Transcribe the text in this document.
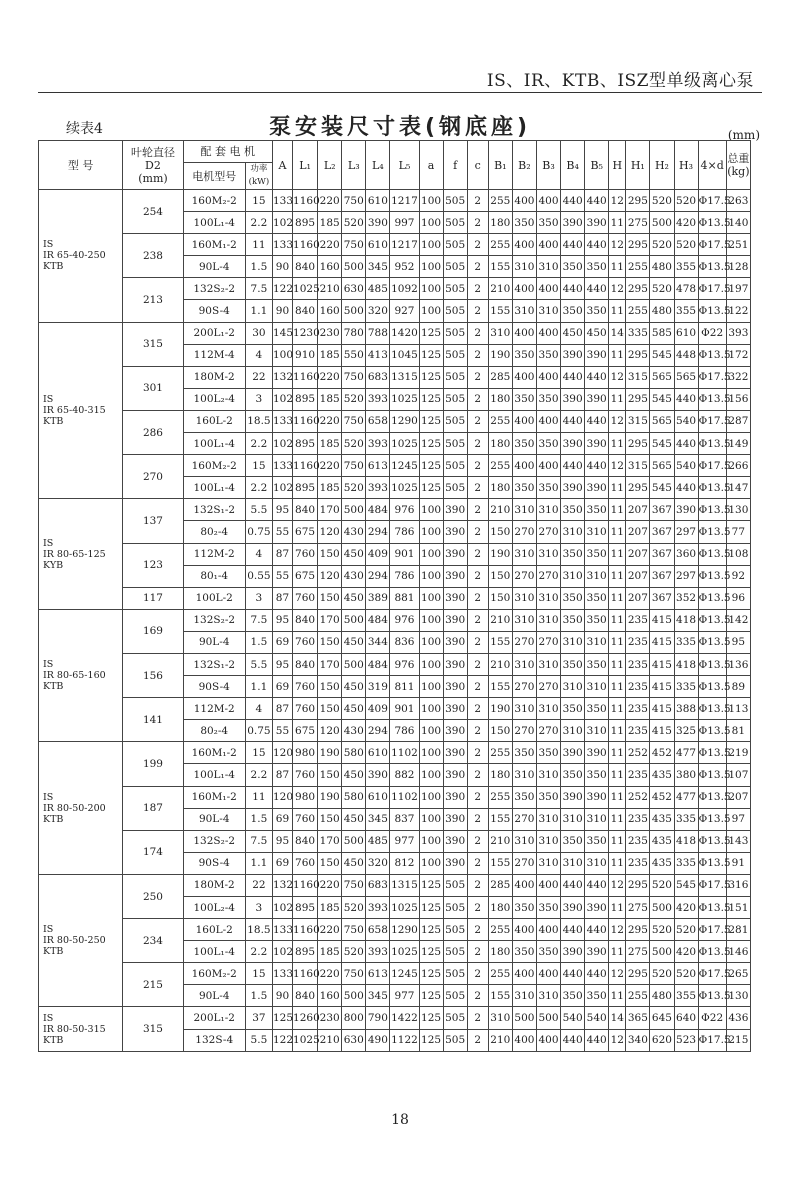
IS、IR、KTB、ISZ型单级离心泵
续表4	泵安装尺寸表(钢底座)	(mm)
型 号	叶轮直径
D2
(mm)	配 套 电 机		A	L₁	L₂	L₃	L₄	L₅	a	f	c	B₁	B₂	B₃	B₄	B₅	H	H₁	H₂	H₃	4×d	总重
(kg)
		电机型号	功率
(kW)																				

IS
IR 65-40-250
KTB	254	160M₂-2	15	133	1160	220	750	610	1217	100	505	2	255	400	400	440	440	12	295	520	520	Φ17.5	263
		100L₁-4	2.2	102	895	185	520	390	997	100	505	2	180	350	350	390	390	11	275	500	420	Φ13.5	140
	238	160M₁-2	11	133	1160	220	750	610	1217	100	505	2	255	400	400	440	440	12	295	520	520	Φ17.5	251
		90L-4	1.5	90	840	160	500	345	952	100	505	2	155	310	310	350	350	11	255	480	355	Φ13.5	128
	213	132S₂-2	7.5	122	1025	210	630	485	1092	100	505	2	210	400	400	440	440	12	295	520	478	Φ17.5	197
		90S-4	1.1	90	840	160	500	320	927	100	505	2	155	310	310	350	350	11	255	480	355	Φ13.5	122

IS
IR 65-40-315
KTB	315	200L₁-2	30	145	1230	230	780	788	1420	125	505	2	310	400	400	450	450	14	335	585	610	Φ22	393
		112M-4	4	100	910	185	550	413	1045	125	505	2	190	350	350	390	390	11	295	545	448	Φ13.5	172
	301	180M-2	22	132	1160	220	750	683	1315	125	505	2	285	400	400	440	440	12	315	565	565	Φ17.5	322
		100L₂-4	3	102	895	185	520	393	1025	125	505	2	180	350	350	390	390	11	295	545	440	Φ13.5	156
	286	160L-2	18.5	133	1160	220	750	658	1290	125	505	2	255	400	400	440	440	12	315	565	540	Φ17.5	287
		100L₁-4	2.2	102	895	185	520	393	1025	125	505	2	180	350	350	390	390	11	295	545	440	Φ13.5	149
	270	160M₂-2	15	133	1160	220	750	613	1245	125	505	2	255	400	400	440	440	12	315	565	540	Φ17.5	266
		100L₁-4	2.2	102	895	185	520	393	1025	125	505	2	180	350	350	390	390	11	295	545	440	Φ13.5	147

IS
IR 80-65-125
KYB	137	132S₁-2	5.5	95	840	170	500	484	976	100	390	2	210	310	310	350	350	11	207	367	390	Φ13.5	130
		80₂-4	0.75	55	675	120	430	294	786	100	390	2	150	270	270	310	310	11	207	367	297	Φ13.5	77
	123	112M-2	4	87	760	150	450	409	901	100	390	2	190	310	310	350	350	11	207	367	360	Φ13.5	108
		80₁-4	0.55	55	675	120	430	294	786	100	390	2	150	270	270	310	310	11	207	367	297	Φ13.5	92
	117	100L-2	3	87	760	150	450	389	881	100	390	2	150	310	310	350	350	11	207	367	352	Φ13.5	96

IS
IR 80-65-160
KTB	169	132S₂-2	7.5	95	840	170	500	484	976	100	390	2	210	310	310	350	350	11	235	415	418	Φ13.5	142
		90L-4	1.5	69	760	150	450	344	836	100	390	2	155	270	270	310	310	11	235	415	335	Φ13.5	95
	156	132S₁-2	5.5	95	840	170	500	484	976	100	390	2	210	310	310	350	350	11	235	415	418	Φ13.5	136
		90S-4	1.1	69	760	150	450	319	811	100	390	2	155	270	270	310	310	11	235	415	335	Φ13.5	89
	141	112M-2	4	87	760	150	450	409	901	100	390	2	190	310	310	350	350	11	235	415	388	Φ13.5	113
		80₂-4	0.75	55	675	120	430	294	786	100	390	2	150	270	270	310	310	11	235	415	325	Φ13.5	81

IS
IR 80-50-200
KTB	199	160M₁-2	15	120	980	190	580	610	1102	100	390	2	255	350	350	390	390	11	252	452	477	Φ13.5	219
		100L₁-4	2.2	87	760	150	450	390	882	100	390	2	180	310	310	350	350	11	235	435	380	Φ13.5	107
	187	160M₁-2	11	120	980	190	580	610	1102	100	390	2	255	350	350	390	390	11	252	452	477	Φ13.5	207
		90L-4	1.5	69	760	150	450	345	837	100	390	2	155	270	310	310	310	11	235	435	335	Φ13.5	97
	174	132S₂-2	7.5	95	840	170	500	485	977	100	390	2	210	310	310	350	350	11	235	435	418	Φ13.5	143
		90S-4	1.1	69	760	150	450	320	812	100	390	2	155	270	310	310	310	11	235	435	335	Φ13.5	91

IS
IR 80-50-250
KTB	250	180M-2	22	132	1160	220	750	683	1315	125	505	2	285	400	400	440	440	12	295	520	545	Φ17.5	316
		100L₂-4	3	102	895	185	520	393	1025	125	505	2	180	350	350	390	390	11	275	500	420	Φ13.5	151
	234	160L-2	18.5	133	1160	220	750	658	1290	125	505	2	255	400	400	440	440	12	295	520	520	Φ17.5	281
		100L₁-4	2.2	102	895	185	520	393	1025	125	505	2	180	350	350	390	390	11	275	500	420	Φ13.5	146
	215	160M₂-2	15	133	1160	220	750	613	1245	125	505	2	255	400	400	440	440	12	295	520	520	Φ17.5	265
		90L-4	1.5	90	840	160	500	345	977	125	505	2	155	310	310	350	350	11	255	480	355	Φ13.5	130

IS
IR 80-50-315
KTB	315	200L₁-2	37	125	1260	230	800	790	1422	125	505	2	310	500	500	540	540	14	365	645	640	Φ22	436
		132S-4	5.5	122	1025	210	630	490	1122	125	505	2	210	400	400	440	440	12	340	620	523	Φ17.5	215
18
